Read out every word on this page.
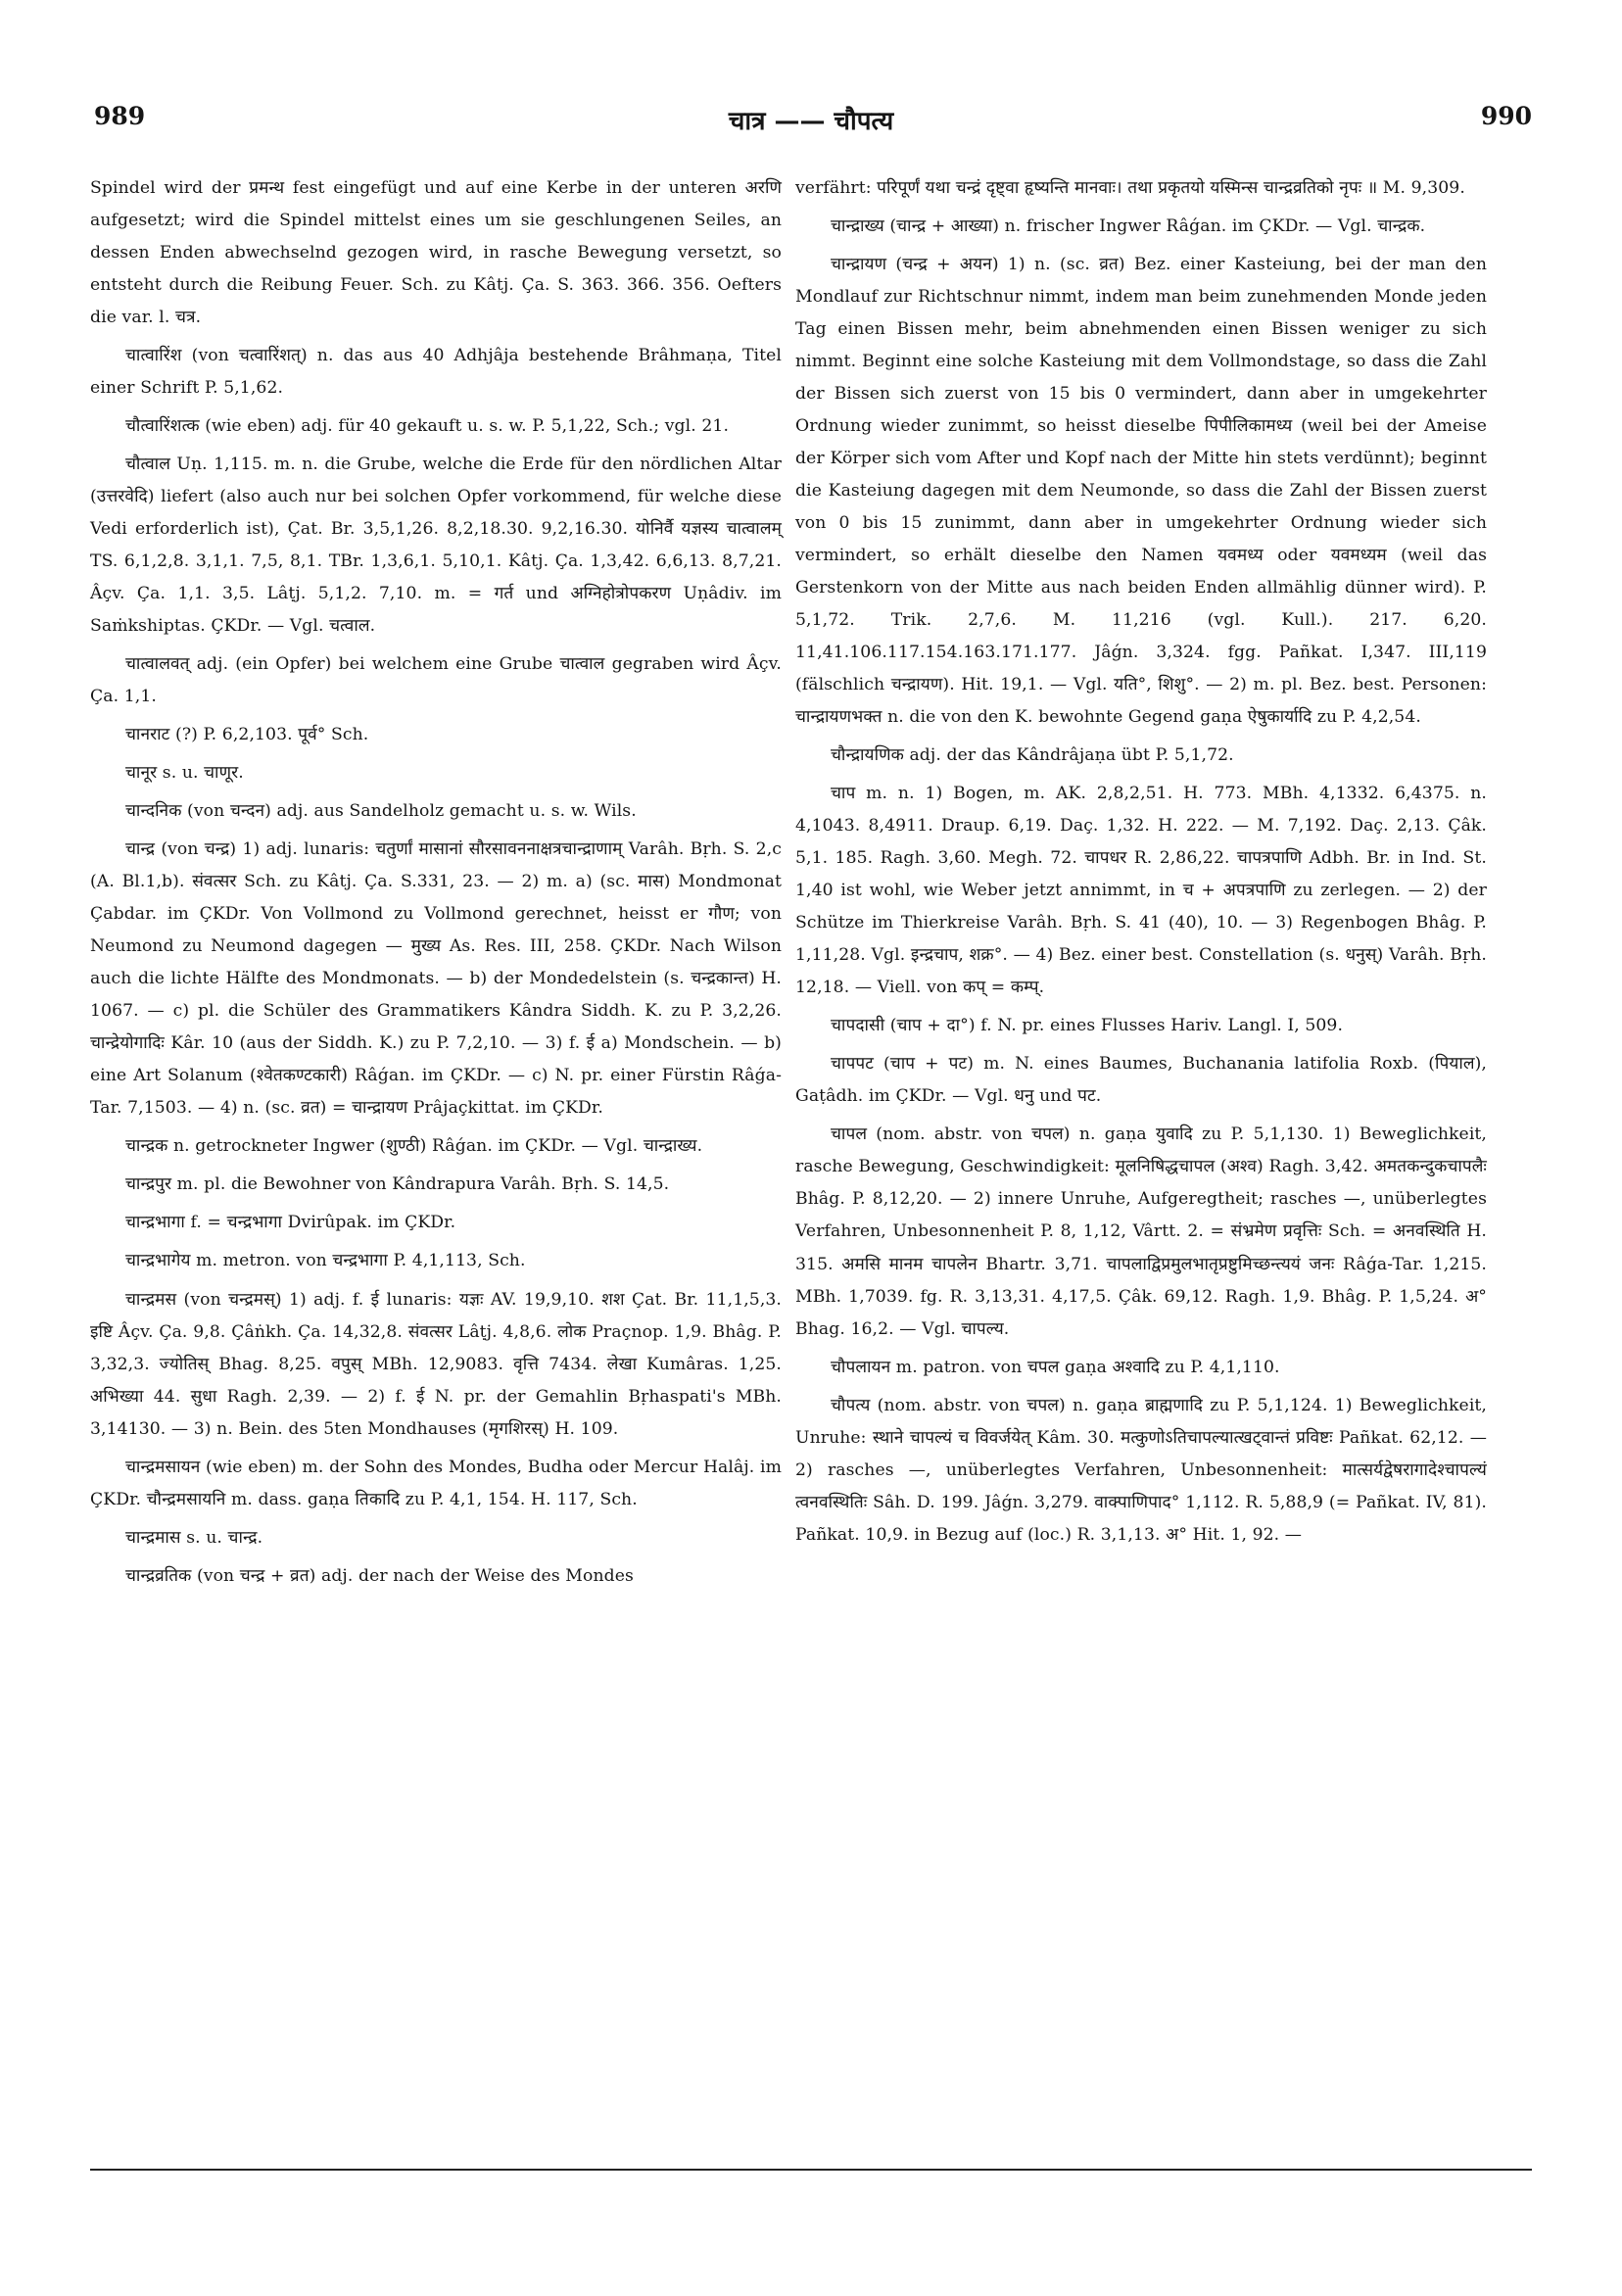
989	चात्र —— चौपत्य	990

Spindel wird der प्रमन्थ fest eingefügt und auf eine Kerbe in der unteren अरणि aufgesetzt; wird die Spindel mittelst eines um sie geschlungenen Seiles, an dessen Enden abwechselnd gezogen wird, in rasche Bewegung versetzt, so entsteht durch die Reibung Feuer. Sch. zu Kâtj. Ça. S. 363. 366. 356. Oefters die var. l. चत्र.

चात्वारिंश (von चत्वारिंशत्) n. das aus 40 Adhjâja bestehende Brâhmaṇa, Titel einer Schrift P. 5,1,62.

चौत्वारिंशत्क (wie eben) adj. für 40 gekauft u. s. w. P. 5,1,22, Sch.; vgl. 21.

चौत्वाल Uṇ. 1,115. m. n. die Grube, welche die Erde für den nördlichen Altar (उत्तरवेदि) liefert (also auch nur bei solchen Opfer vorkommend, für welche diese Vedi erforderlich ist), Çat. Br. 3,5,1,26. 8,2,18.30. 9,2,16.30. योनिर्वै यज्ञस्य चात्वालम् TS. 6,1,2,8. 3,1,1. 7,5, 8,1. TBr. 1,3,6,1. 5,10,1. Kâtj. Ça. 1,3,42. 6,6,13. 8,7,21. Âçv. Ça. 1,1. 3,5. Lâṭj. 5,1,2. 7,10. m. = गर्त und अग्निहोत्रोपकरण Uṇâdiv. im Saṁkshiptas. ÇKDr. — Vgl. चत्वाल.

चात्वालवत् adj. (ein Opfer) bei welchem eine Grube चात्वाल gegraben wird Âçv. Ça. 1,1.

चानराट (?) P. 6,2,103. पूर्व° Sch.

चानूर s. u. चाणूर.

चान्दनिक (von चन्दन) adj. aus Sandelholz gemacht u. s. w. Wils.

चान्द्र (von चन्द्र) 1) adj. lunaris: चतुर्णां मासानां सौरसावननाक्षत्रचान्द्राणाम् Varâh. Bṛh. S. 2,c (A. Bl.1,b). संवत्सर Sch. zu Kâtj. Ça. S.331, 23. — 2) m. a) (sc. मास) Mondmonat Çabdar. im ÇKDr. Von Vollmond zu Vollmond gerechnet, heisst er गौण; von Neumond zu Neumond dagegen — मुख्य As. Res. III, 258. ÇKDr. Nach Wilson auch die lichte Hälfte des Mondmonats. — b) der Mondedelstein (s. चन्द्रकान्त) H. 1067. — c) pl. die Schüler des Grammatikers Kândra Siddh. K. zu P. 3,2,26. चान्द्रेयोगादिः Kâr. 10 (aus der Siddh. K.) zu P. 7,2,10. — 3) f. ई a) Mondschein. — b) eine Art Solanum (श्वेतकण्टकारी) Râǵan. im ÇKDr. — c) N. pr. einer Fürstin Râǵa-Tar. 7,1503. — 4) n. (sc. व्रत) = चान्द्रायण Prâjaçkittat. im ÇKDr.

चान्द्रक n. getrockneter Ingwer (शुण्ठी) Râǵan. im ÇKDr. — Vgl. चान्द्राख्य.

चान्द्रपुर m. pl. die Bewohner von Kândrapura Varâh. Bṛh. S. 14,5.

चान्द्रभागा f. = चन्द्रभागा Dvirûpak. im ÇKDr.

चान्द्रभागेय m. metron. von चन्द्रभागा P. 4,1,113, Sch.

चान्द्रमस (von चन्द्रमस्) 1) adj. f. ई lunaris: यज्ञः AV. 19,9,10. शश Çat. Br. 11,1,5,3. इष्टि Âçv. Ça. 9,8. Çâṅkh. Ça. 14,32,8. संवत्सर Lâṭj. 4,8,6. लोक Praçnop. 1,9. Bhâg. P. 3,32,3. ज्योतिस् Bhag. 8,25. वपुस् MBh. 12,9083. वृत्ति 7434. लेखा Kumâras. 1,25. अभिख्या 44. सुधा Ragh. 2,39. — 2) f. ई N. pr. der Gemahlin Bṛhaspati's MBh. 3,14130. — 3) n. Bein. des 5ten Mondhauses (मृगशिरस्) H. 109.

चान्द्रमसायन (wie eben) m. der Sohn des Mondes, Budha oder Mercur Halâj. im ÇKDr. चौन्द्रमसायनि m. dass. gaṇa तिकादि zu P. 4,1, 154. H. 117, Sch.

चान्द्रमास s. u. चान्द्र.

चान्द्रव्रतिक (von चन्द्र + व्रत) adj. der nach der Weise des Mondes

verfährt: परिपूर्णं यथा चन्द्रं दृष्ट्वा हृष्यन्ति मानवाः। तथा प्रकृतयो यस्मिन्स चान्द्रव्रतिको नृपः ॥ M. 9,309.

चान्द्राख्य (चान्द्र + आख्या) n. frischer Ingwer Râǵan. im ÇKDr. — Vgl. चान्द्रक.

चान्द्रायण (चन्द्र + अयन) 1) n. (sc. व्रत) Bez. einer Kasteiung, bei der man den Mondlauf zur Richtschnur nimmt, indem man beim zunehmenden Monde jeden Tag einen Bissen mehr, beim abnehmenden einen Bissen weniger zu sich nimmt. Beginnt eine solche Kasteiung mit dem Vollmondstage, so dass die Zahl der Bissen sich zuerst von 15 bis 0 vermindert, dann aber in umgekehrter Ordnung wieder zunimmt, so heisst dieselbe पिपीलिकामध्य (weil bei der Ameise der Körper sich vom After und Kopf nach der Mitte hin stets verdünnt); beginnt die Kasteiung dagegen mit dem Neumonde, so dass die Zahl der Bissen zuerst von 0 bis 15 zunimmt, dann aber in umgekehrter Ordnung wieder sich vermindert, so erhält dieselbe den Namen यवमध्य oder यवमध्यम (weil das Gerstenkorn von der Mitte aus nach beiden Enden allmählig dünner wird). P. 5,1,72. Trik. 2,7,6. M. 11,216 (vgl. Kull.). 217. 6,20. 11,41.106.117.154.163.171.177. Jâǵn. 3,324. fgg. Pañkat. I,347. III,119 (fälschlich चन्द्रायण). Hit. 19,1. — Vgl. यति°, शिशु°. — 2) m. pl. Bez. best. Personen: चान्द्रायणभक्त n. die von den K. bewohnte Gegend gaṇa ऐषुकार्यादि zu P. 4,2,54.

चौन्द्रायणिक adj. der das Kândrâjaṇa übt P. 5,1,72.

चाप m. n. 1) Bogen, m. AK. 2,8,2,51. H. 773. MBh. 4,1332. 6,4375. n. 4,1043. 8,4911. Draup. 6,19. Daç. 1,32. H. 222. — M. 7,192. Daç. 2,13. Çâk. 5,1. 185. Ragh. 3,60. Megh. 72. चापधर R. 2,86,22. चापत्रपाणि Adbh. Br. in Ind. St. 1,40 ist wohl, wie Weber jetzt annimmt, in च + अपत्रपाणि zu zerlegen. — 2) der Schütze im Thierkreise Varâh. Bṛh. S. 41 (40), 10. — 3) Regenbogen Bhâg. P. 1,11,28. Vgl. इन्द्रचाप, शक्र°. — 4) Bez. einer best. Constellation (s. धनुस्) Varâh. Bṛh. 12,18. — Viell. von कप् = कम्प्.

चापदासी (चाप + दा°) f. N. pr. eines Flusses Hariv. Langl. I, 509.

चापपट (चाप + पट) m. N. eines Baumes, Buchanania latifolia Roxb. (पियाल), Gaṭâdh. im ÇKDr. — Vgl. धनु und पट.

चापल (nom. abstr. von चपल) n. gaṇa युवादि zu P. 5,1,130. 1) Beweglichkeit, rasche Bewegung, Geschwindigkeit: मूलनिषिद्धचापल (अश्व) Ragh. 3,42. अमतकन्दुकचापलैः Bhâg. P. 8,12,20. — 2) innere Unruhe, Aufgeregtheit; rasches —, unüberlegtes Verfahren, Unbesonnenheit P. 8, 1,12, Vârtt. 2. = संभ्रमेण प्रवृत्तिः Sch. = अनवस्थिति H. 315. अमसि मानम चापलेन Bhartr. 3,71. चापलाद्विप्रमुलभातृप्रष्टुमिच्छन्त्ययं जनः Râǵa-Tar. 1,215. MBh. 1,7039. fg. R. 3,13,31. 4,17,5. Çâk. 69,12. Ragh. 1,9. Bhâg. P. 1,5,24. अ° Bhag. 16,2. — Vgl. चापल्य.

चौपलायन m. patron. von चपल gaṇa अश्वादि zu P. 4,1,110.

चौपत्य (nom. abstr. von चपल) n. gaṇa ब्राह्मणादि zu P. 5,1,124. 1) Beweglichkeit, Unruhe: स्थाने चापल्यं च विवर्जयेत् Kâm. 30. मत्कुणोऽतिचापल्यात्खट्वान्तं प्रविष्टः Pañkat. 62,12. — 2) rasches —, unüberlegtes Verfahren, Unbesonnenheit: मात्सर्यद्वेषरागादेश्चापल्यं त्वनवस्थितिः Sâh. D. 199. Jâǵn. 3,279. वाक्पाणिपाद° 1,112. R. 5,88,9 (= Pañkat. IV, 81). Pañkat. 10,9. in Bezug auf (loc.) R. 3,1,13. अ° Hit. 1, 92. —
